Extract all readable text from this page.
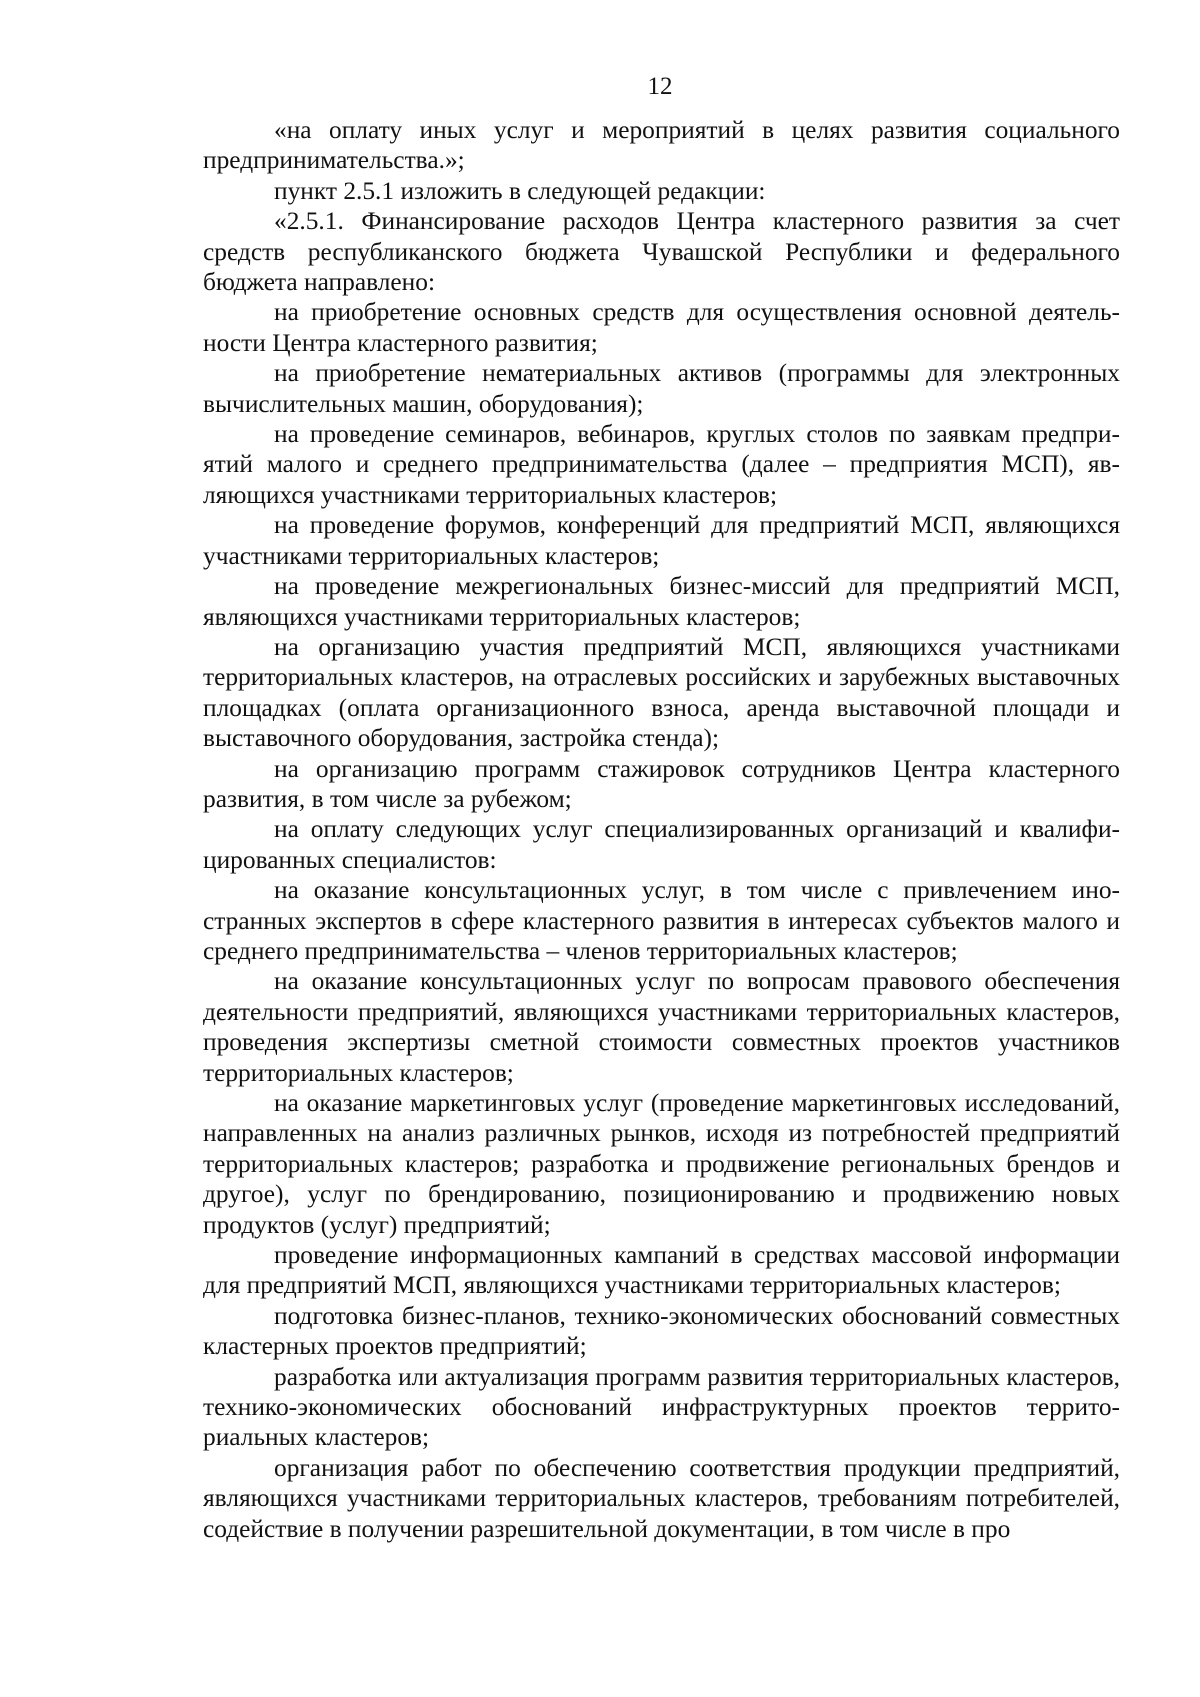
12

«на оплату иных услуг и мероприятий в целях развития социального предпринимательства.»;

пункт 2.5.1 изложить в следующей редакции:

«2.5.1. Финансирование расходов Центра кластерного развития за счет средств республиканского бюджета Чувашской Республики и федерального бюджета направлено:

на приобретение основных средств для осуществления основной деятельности Центра кластерного развития;

на приобретение нематериальных активов (программы для электронных вычислительных машин, оборудования);

на проведение семинаров, вебинаров, круглых столов по заявкам предприятий малого и среднего предпринимательства (далее – предприятия МСП), являющихся участниками территориальных кластеров;

на проведение форумов, конференций для предприятий МСП, являющихся участниками территориальных кластеров;

на проведение межрегиональных бизнес-миссий для предприятий МСП, являющихся участниками территориальных кластеров;

на организацию участия предприятий МСП, являющихся участниками территориальных кластеров, на отраслевых российских и зарубежных выставочных площадках (оплата организационного взноса, аренда выставочной площади и выставочного оборудования, застройка стенда);

на организацию программ стажировок сотрудников Центра кластерного развития, в том числе за рубежом;

на оплату следующих услуг специализированных организаций и квалифицированных специалистов:

на оказание консультационных услуг, в том числе с привлечением иностранных экспертов в сфере кластерного развития в интересах субъектов малого и среднего предпринимательства – членов территориальных кластеров;

на оказание консультационных услуг по вопросам правового обеспечения деятельности предприятий, являющихся участниками территориальных кластеров, проведения экспертизы сметной стоимости совместных проектов участников территориальных кластеров;

на оказание маркетинговых услуг (проведение маркетинговых исследований, направленных на анализ различных рынков, исходя из потребностей предприятий территориальных кластеров; разработка и продвижение региональных брендов и другое), услуг по брендированию, позиционированию и продвижению новых продуктов (услуг) предприятий;

проведение информационных кампаний в средствах массовой информации для предприятий МСП, являющихся участниками территориальных кластеров;

подготовка бизнес-планов, технико-экономических обоснований совместных кластерных проектов предприятий;

разработка или актуализация программ развития территориальных кластеров, технико-экономических обоснований инфраструктурных проектов территориальных кластеров;

организация работ по обеспечению соответствия продукции предприятий, являющихся участниками территориальных кластеров, требованиям потребителей, содействие в получении разрешительной документации, в том числе в про
